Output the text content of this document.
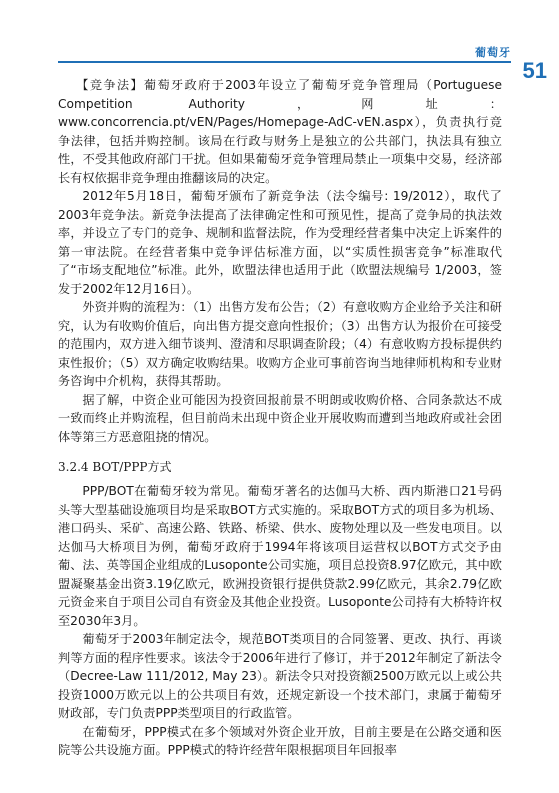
葡萄牙
51

【竞争法】葡萄牙政府于2003年设立了葡萄牙竞争管理局（Portuguese Competition Authority，网址：www.concorrencia.pt/vEN/Pages/Homepage-AdC-vEN.aspx），负责执行竞争法律，包括并购控制。该局在行政与财务上是独立的公共部门，执法具有独立性，不受其他政府部门干扰。但如果葡萄牙竞争管理局禁止一项集中交易，经济部长有权依据非竞争理由推翻该局的决定。

2012年5月18日，葡萄牙颁布了新竞争法（法令编号: 19/2012），取代了2003年竞争法。新竞争法提高了法律确定性和可预见性，提高了竞争局的执法效率，并设立了专门的竞争、规制和监督法院，作为受理经营者集中决定上诉案件的第一审法院。在经营者集中竞争评估标准方面，以“实质性损害竞争”标准取代了“市场支配地位”标准。此外，欧盟法律也适用于此（欧盟法规编号 1/2003，签发于2002年12月16日）。

外资并购的流程为：（1）出售方发布公告；（2）有意收购方企业给予关注和研究，认为有收购价值后，向出售方提交意向性报价；（3）出售方认为报价在可接受的范围内，双方进入细节谈判、澄清和尽职调查阶段；（4）有意收购方投标提供约束性报价；（5）双方确定收购结果。收购方企业可事前咨询当地律师机构和专业财务咨询中介机构，获得其帮助。

据了解，中资企业可能因为投资回报前景不明朗或收购价格、合同条款达不成一致而终止并购流程，但目前尚未出现中资企业开展收购而遭到当地政府或社会团体等第三方恶意阻挠的情况。

3.2.4 BOT/PPP方式

PPP/BOT在葡萄牙较为常见。葡萄牙著名的达伽马大桥、西内斯港口21号码头等大型基础设施项目均是采取BOT方式实施的。采取BOT方式的项目多为机场、港口码头、采矿、高速公路、铁路、桥梁、供水、废物处理以及一些发电项目。以达伽马大桥项目为例，葡萄牙政府于1994年将该项目运营权以BOT方式交予由葡、法、英等国企业组成的Lusoponte公司实施，项目总投资8.97亿欧元，其中欧盟凝聚基金出资3.19亿欧元，欧洲投资银行提供贷款2.99亿欧元，其余2.79亿欧元资金来自于项目公司自有资金及其他企业投资。Lusoponte公司持有大桥特许权至2030年3月。

葡萄牙于2003年制定法令，规范BOT类项目的合同签署、更改、执行、再谈判等方面的程序性要求。该法令于2006年进行了修订，并于2012年制定了新法令（Decree-Law 111/2012, May 23）。新法令只对投资额2500万欧元以上或公共投资1000万欧元以上的公共项目有效，还规定新设一个技术部门，隶属于葡萄牙财政部，专门负责PPP类型项目的行政监管。

在葡萄牙，PPP模式在多个领域对外资企业开放，目前主要是在公路交通和医院等公共设施方面。PPP模式的特许经营年限根据项目年回报率
